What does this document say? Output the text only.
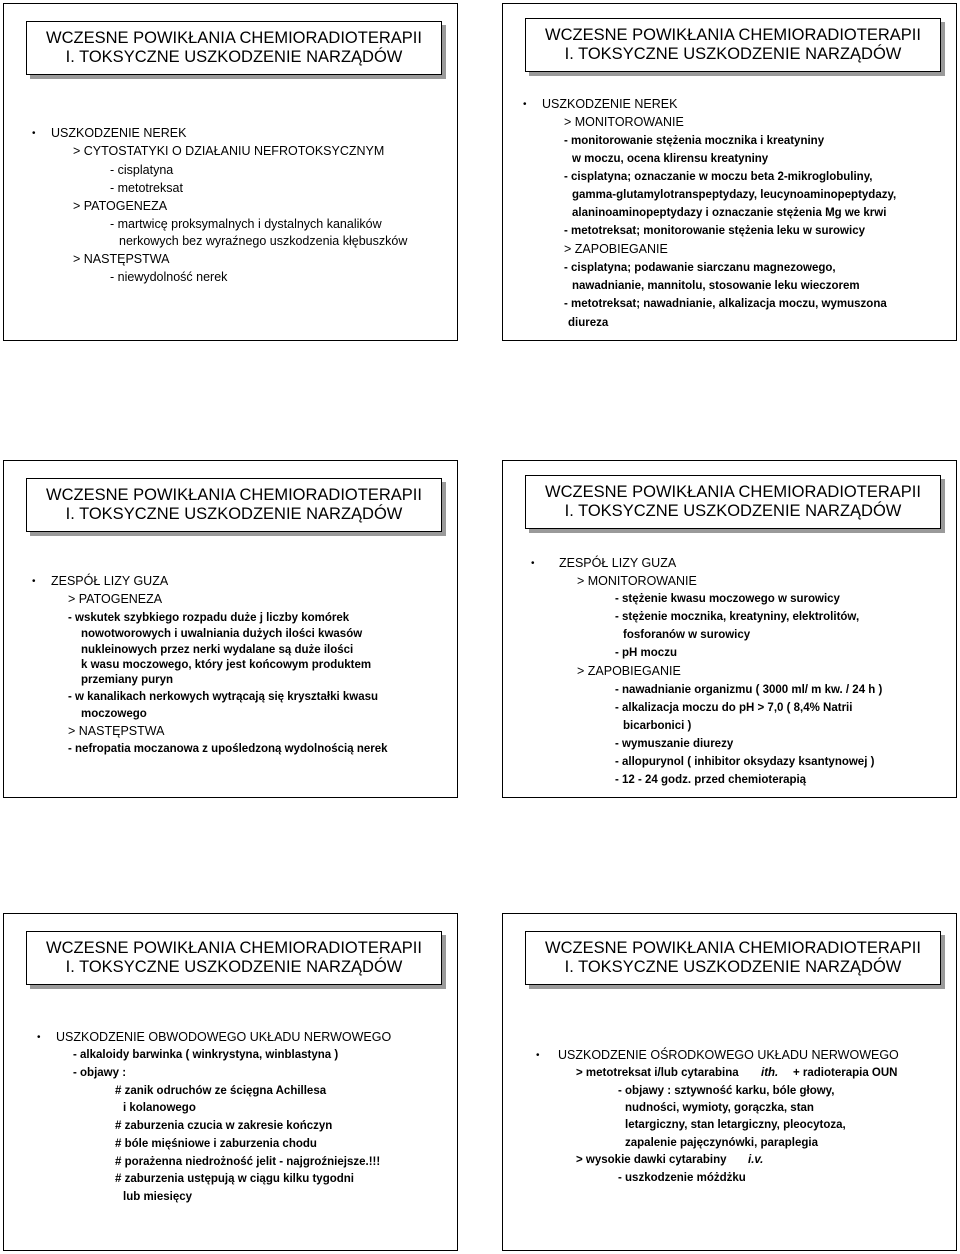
WCZESNE POWIKŁANIA CHEMIORADIOTERAPII
I. TOKSYCZNE USZKODZENIE NARZĄDÓW
• USZKODZENIE NEREK
> CYTOSTATYKI O DZIAŁANIU NEFROTOKSYCZNYM
- cisplatyna
- metotreksat
> PATOGENEZA
- martwicę proksymalnych i dystalnych kanalików
nerkowych bez wyraźnego uszkodzenia kłębuszków
> NASTĘPSTWA
- niewydolność nerek
WCZESNE POWIKŁANIA CHEMIORADIOTERAPII
I. TOKSYCZNE USZKODZENIE NARZĄDÓW
• USZKODZENIE NEREK
> MONITOROWANIE
- monitorowanie stężenia mocznika i kreatyniny
w moczu, ocena klirensu kreatyniny
- cisplatyna; oznaczanie w moczu beta 2-mikroglobuliny,
gamma-glutamylotranspeptydazy, leucynoaminopeptydazy,
alaninoaminopeptydazy i oznaczanie stężenia Mg we krwi
- metotreksat; monitorowanie stężenia leku w surowicy
> ZAPOBIEGANIE
- cisplatyna; podawanie siarczanu magnezowego,
nawadnianie, mannitolu, stosowanie leku wieczorem
- metotreksat; nawadnianie, alkalizacja moczu, wymuszona
diureza
WCZESNE POWIKŁANIA CHEMIORADIOTERAPII
I. TOKSYCZNE USZKODZENIE NARZĄDÓW
• ZESPÓŁ LIZY GUZA
> PATOGENEZA
- wskutek szybkiego rozpadu duże j liczby komórek
nowotworowych i uwalniania dużych ilości kwasów
nukleinowych przez nerki wydalane są duże ilości
k wasu moczowego, który jest końcowym produktem
przemiany puryn
- w kanalikach nerkowych wytrącają się kryształki kwasu
moczowego
> NASTĘPSTWA
- nefropatia moczanowa z upośledzoną wydolnością nerek
WCZESNE POWIKŁANIA CHEMIORADIOTERAPII
I. TOKSYCZNE USZKODZENIE NARZĄDÓW
• ZESPÓŁ LIZY GUZA
> MONITOROWANIE
- stężenie kwasu moczowego w surowicy
- stężenie mocznika, kreatyniny, elektrolitów,
fosforanów w surowicy
- pH moczu
> ZAPOBIEGANIE
- nawadnianie organizmu ( 3000 ml/ m kw. / 24 h )
- alkalizacja moczu do pH > 7,0 ( 8,4% Natrii
bicarbonici )
- wymuszanie diurezy
- allopurynol ( inhibitor oksydazy ksantynowej )
- 12 - 24 godz. przed chemioterapią
WCZESNE POWIKŁANIA CHEMIORADIOTERAPII
I. TOKSYCZNE USZKODZENIE NARZĄDÓW
• USZKODZENIE OBWODOWEGO UKŁADU NERWOWEGO
- alkaloidy barwinka ( winkrystyna, winblastyna )
- objawy :
# zanik odruchów ze ścięgna Achillesa
i kolanowego
# zaburzenia czucia w zakresie kończyn
# bóle mięśniowe i zaburzenia chodu
# porażenna niedrożność jelit - najgroźniejsze.!!!
# zaburzenia ustępują w ciągu kilku tygodni
lub miesięcy
WCZESNE POWIKŁANIA CHEMIORADIOTERAPII
I. TOKSYCZNE USZKODZENIE NARZĄDÓW
• USZKODZENIE OŚRODKOWEGO UKŁADU NERWOWEGO
> metotreksat i/lub cytarabina ith. + radioterapia OUN
- objawy : sztywność karku, bóle głowy,
nudności, wymioty, gorączka, stan
letargiczny, stan letargiczny, pleocytoza,
zapalenie pajęczynówki, paraplegia
> wysokie dawki cytarabiny i.v.
- uszkodzenie móżdżku
